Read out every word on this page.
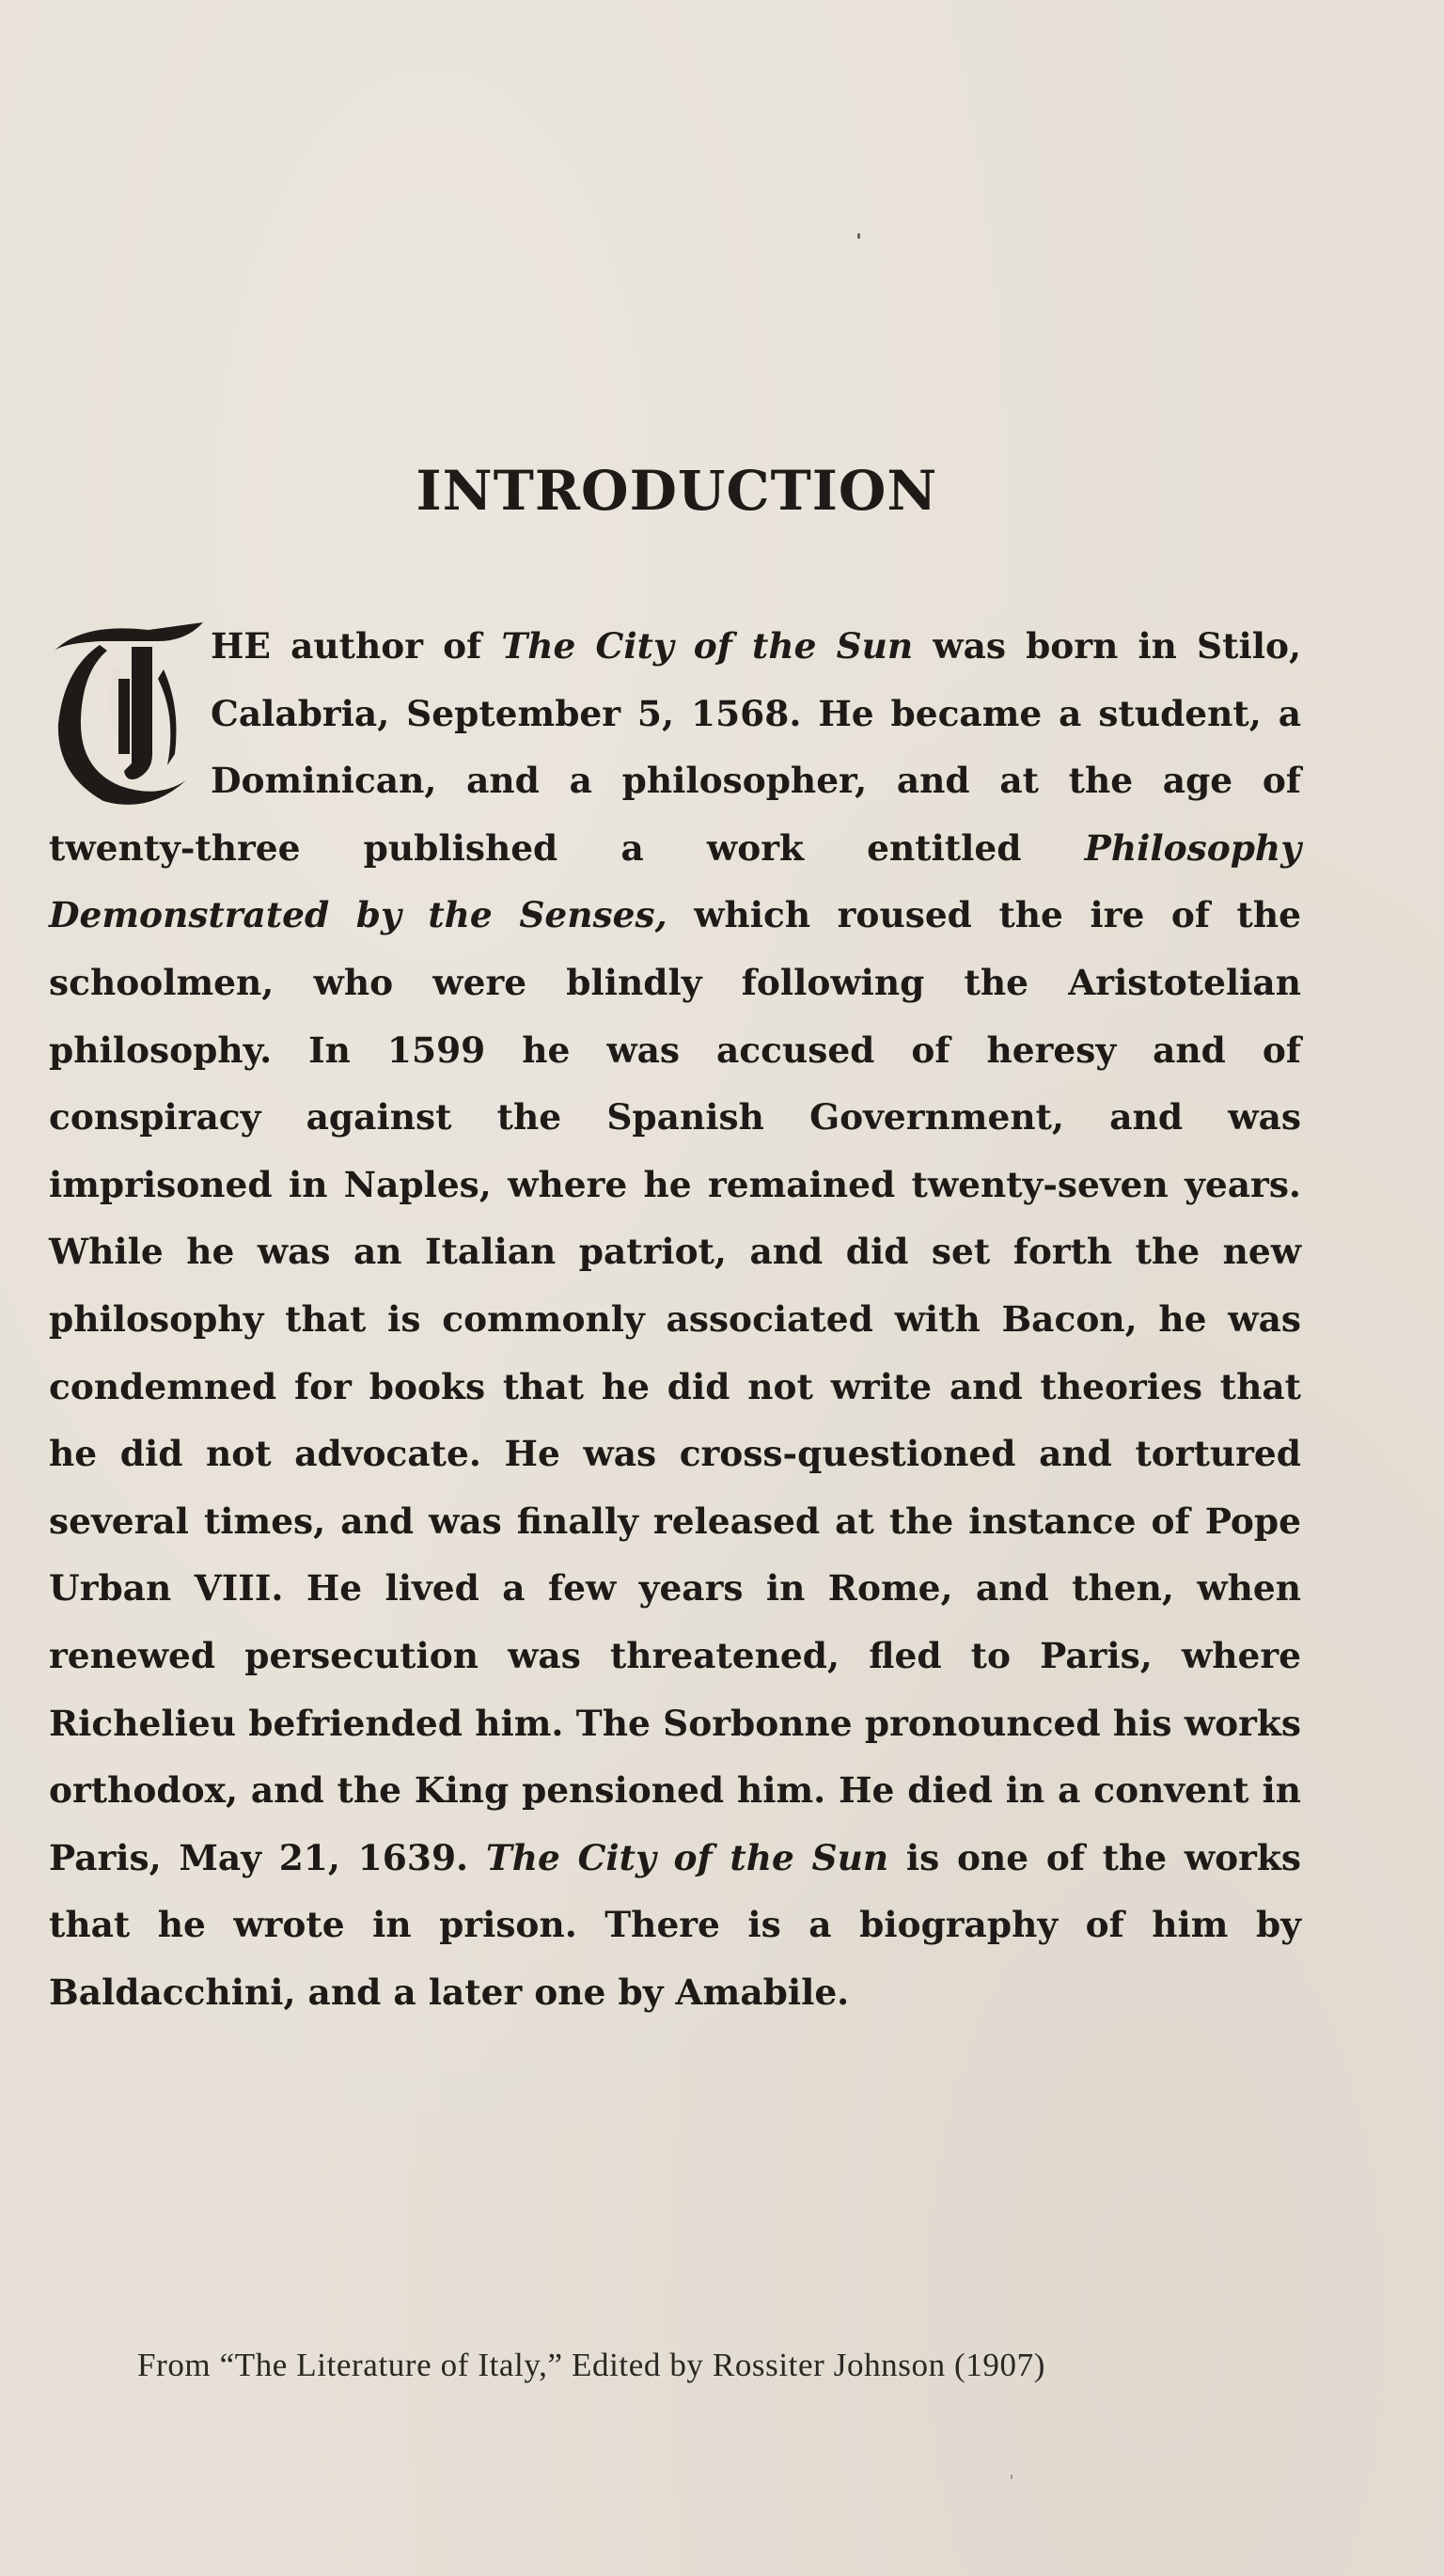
INTRODUCTION

HE author of The City of the Sun was born in Stilo, Calabria, September 5, 1568. He became a student, a Dominican, and a philosopher, and at the age of twenty-three published a work entitled Philosophy Demonstrated by the Senses, which roused the ire of the schoolmen, who were blindly following the Aristotelian philosophy. In 1599 he was accused of heresy and of conspiracy against the Spanish Government, and was imprisoned in Naples, where he remained twenty-seven years. While he was an Italian patriot, and did set forth the new philosophy that is commonly associated with Bacon, he was condemned for books that he did not write and theories that he did not advocate. He was cross-questioned and tortured several times, and was finally released at the instance of Pope Urban VIII. He lived a few years in Rome, and then, when renewed persecution was threatened, fled to Paris, where Richelieu befriended him. The Sorbonne pronounced his works orthodox, and the King pensioned him. He died in a convent in Paris, May 21, 1639. The City of the Sun is one of the works that he wrote in prison. There is a biography of him by Baldacchini, and a later one by Amabile.

From “The Literature of Italy,” Edited by Rossiter Johnson (1907)
